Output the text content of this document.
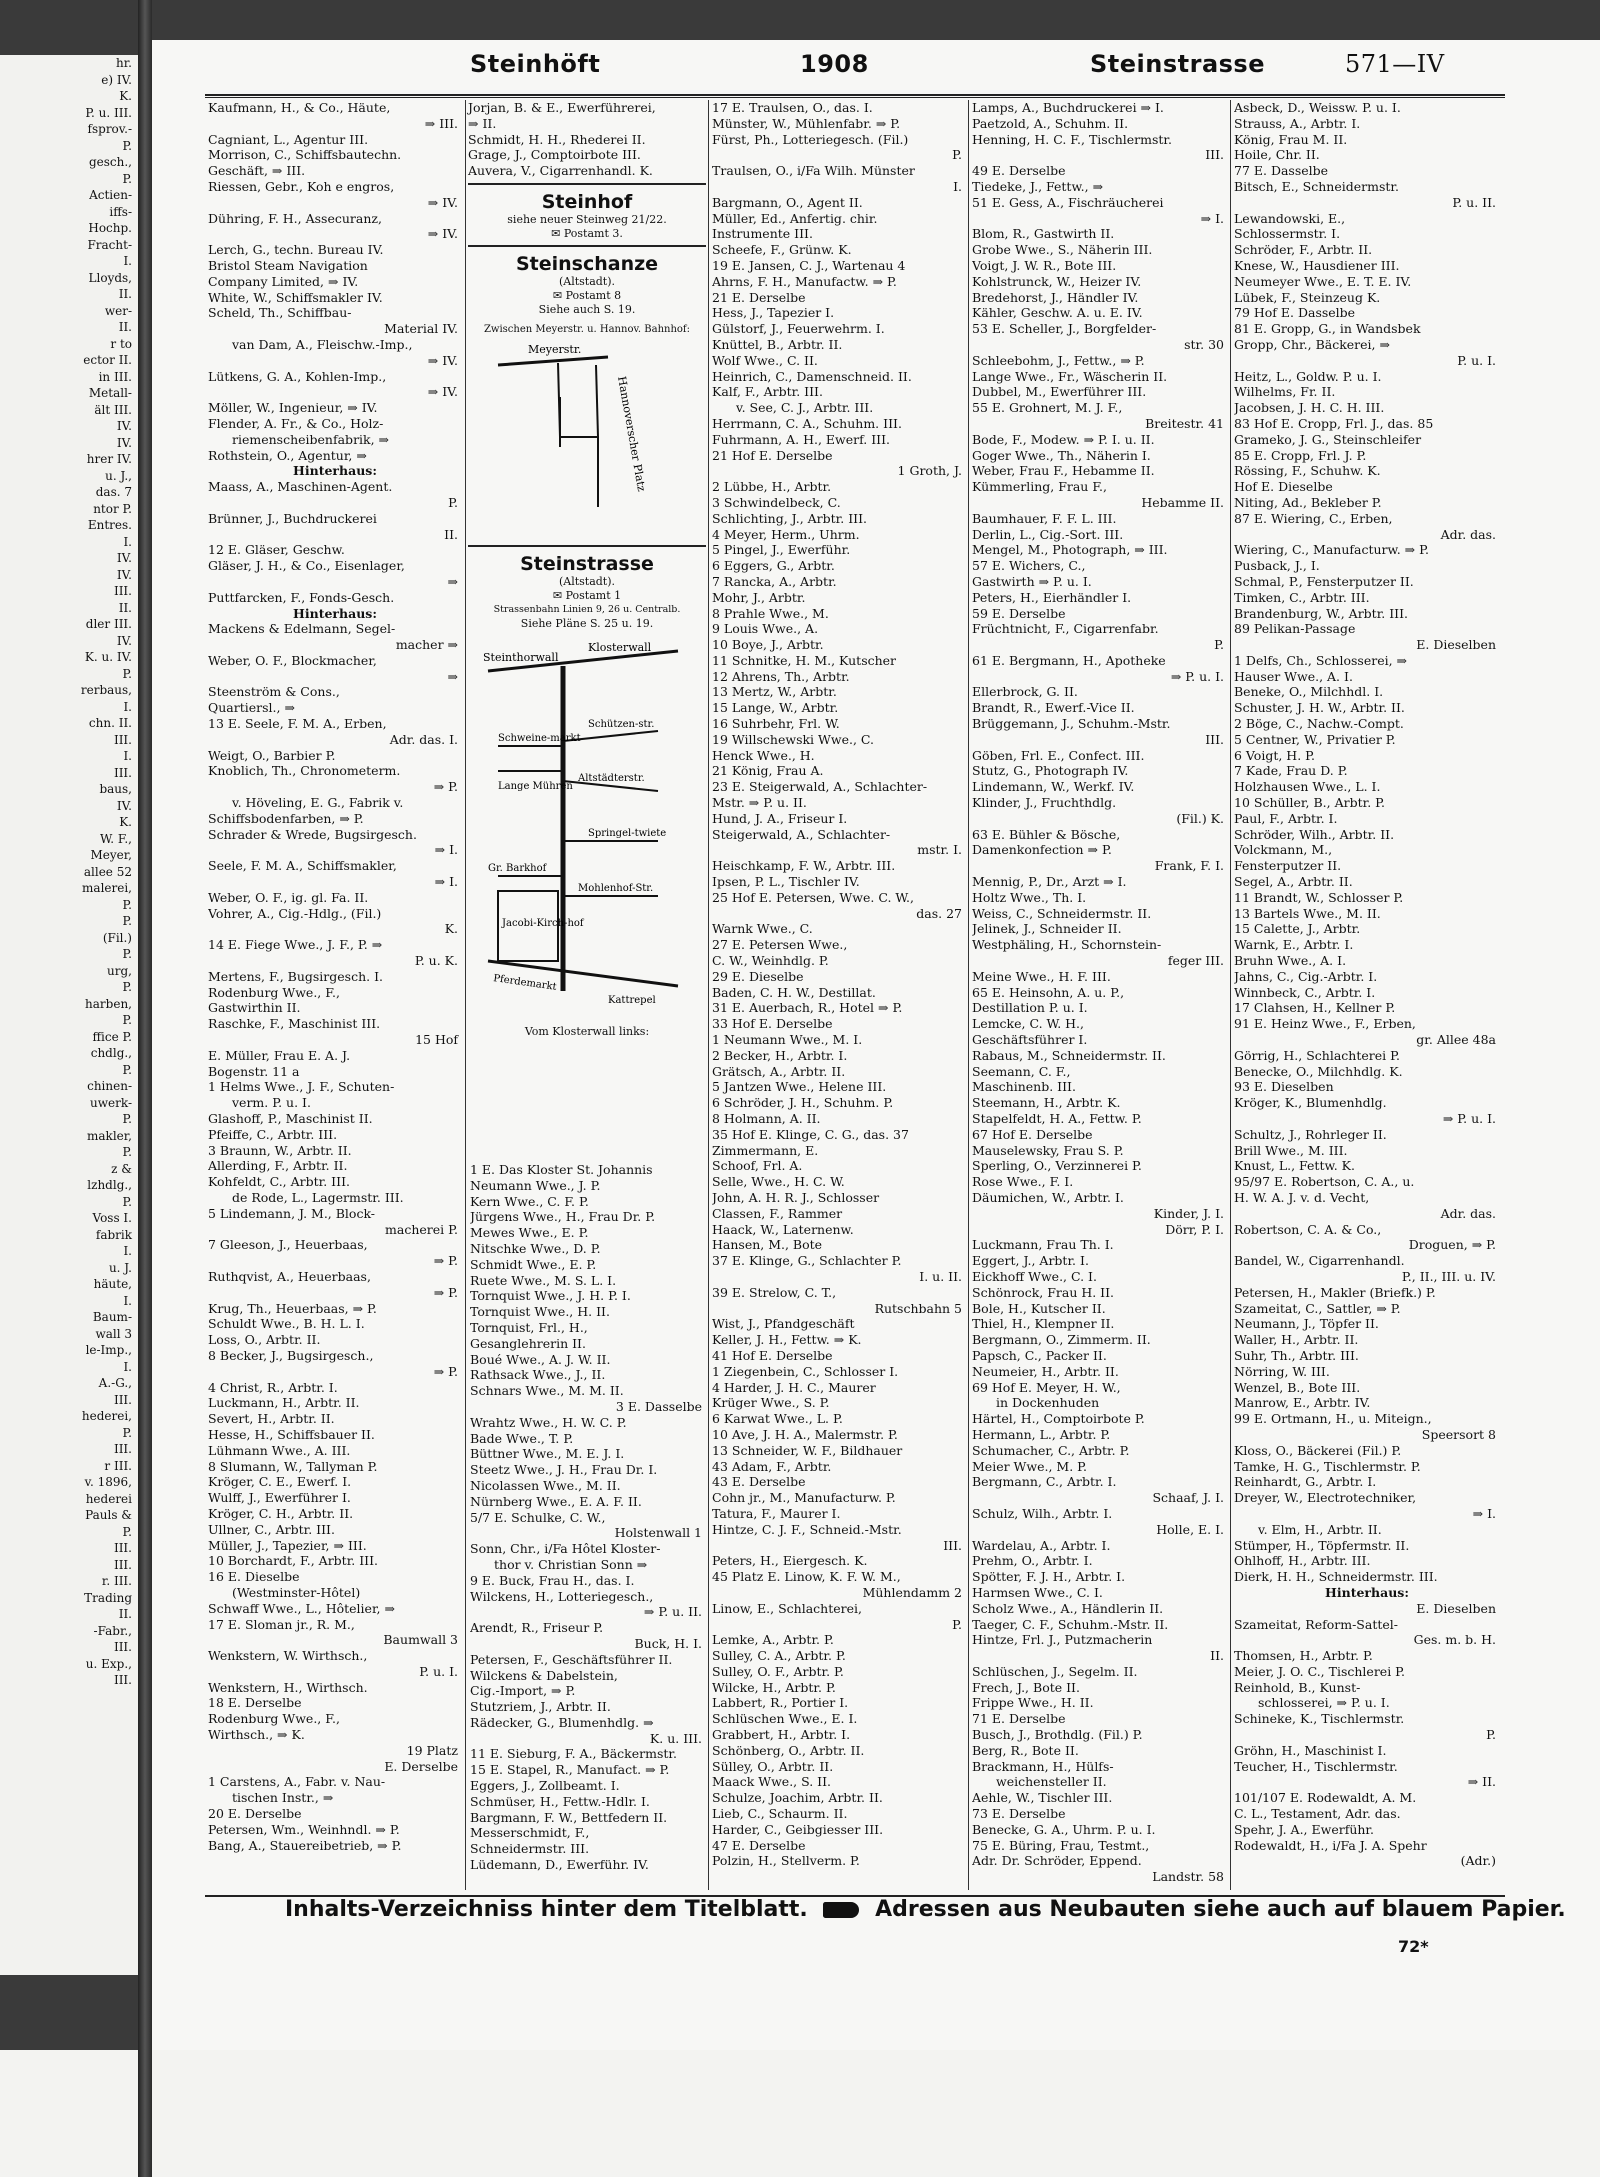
hr.
e) IV.
K.
P. u. III.
fsprov.-
P.
gesch.,
P.
Actien-
iffs-
Hochp.
Fracht-
I.
Lloyds,
II.
wer-
II.
r to
ector II.
in III.
Metall-
ält III.
IV.
IV.
hrer IV.
u. J.,
das. 7
ntor P.
Entres.
I.
IV.
IV.
III.
II.
dler III.
IV.
K. u. IV.
P.
rerbaus,
I.
chn. II.
III.
I.
III.
baus,
IV.
K.
W. F.,
Meyer,
allee 52
malerei,
P.
P.
(Fil.)
P.
urg,
P.
harben,
P.
ffice P.
chdlg.,
P.
chinen-
uwerk-
P.
makler,
P.
z &
lzhdlg.,
P.
Voss I.
fabrik
I.
u. J.
häute,
I.
Baum-
wall 3
le-Imp.,
I.
A.-G.,
III.
hederei,
P.
III.
r III.
v. 1896,
hederei
Pauls &
P.
III.
III.
r. III.
Trading
II.
-Fabr.,
III.
u. Exp.,
III.
Steinhöft	1908	Steinstrasse	571—IV
Kaufmann, H., & Co., Häute,
⇒ III.
Cagniant, L., Agentur III.
Morrison, C., Schiffsbautechn.
Geschäft, ⇒ III.
Riessen, Gebr., Koh e engros,
⇒ IV.
Dühring, F. H., Assecuranz,
⇒ IV.
Lerch, G., techn. Bureau IV.
Bristol Steam Navigation
Company Limited, ⇒ IV.
White, W., Schiffsmakler IV.
Scheld, Th., Schiffbau-
Material IV.
van Dam, A., Fleischw.-Imp.,
⇒ IV.
Lütkens, G. A., Kohlen-Imp.,
⇒ IV.
Möller, W., Ingenieur, ⇒ IV.
Flender, A. Fr., & Co., Holz-
riemenscheibenfabrik, ⇒
Rothstein, O., Agentur, ⇒
Hinterhaus:
Maass, A., Maschinen-Agent.
P.
Brünner, J., Buchdruckerei
II.
12 E. Gläser, Geschw.
Gläser, J. H., & Co., Eisenlager,
⇒
Puttfarcken, F., Fonds-Gesch.
Hinterhaus:
Mackens & Edelmann, Segel-
macher ⇒
Weber, O. F., Blockmacher,
⇒
Steenström & Cons.,
Quartiersl., ⇒
13 E. Seele, F. M. A., Erben,
Adr. das. I.
Weigt, O., Barbier P.
Knoblich, Th., Chronometerm.
⇒ P.
v. Höveling, E. G., Fabrik v.
Schiffsbodenfarben, ⇒ P.
Schrader & Wrede, Bugsirgesch.
⇒ I.
Seele, F. M. A., Schiffsmakler,
⇒ I.
Weber, O. F., ig. gl. Fa. II.
Vohrer, A., Cig.-Hdlg., (Fil.)
K.
14 E. Fiege Wwe., J. F., P. ⇒
P. u. K.
Mertens, F., Bugsirgesch. I.
Rodenburg Wwe., F.,
Gastwirthin II.
Raschke, F., Maschinist III.
15 Hof
E. Müller, Frau E. A. J.
Bogenstr. 11 a
1 Helms Wwe., J. F., Schuten-
verm. P. u. I.
Glashoff, P., Maschinist II.
Pfeiffe, C., Arbtr. III.
3 Braunn, W., Arbtr. II.
Allerding, F., Arbtr. II.
Kohfeldt, C., Arbtr. III.
de Rode, L., Lagermstr. III.
5 Lindemann, J. M., Block-
macherei P.
7 Gleeson, J., Heuerbaas,
⇒ P.
Ruthqvist, A., Heuerbaas,
⇒ P.
Krug, Th., Heuerbaas, ⇒ P.
Schuldt Wwe., B. H. L. I.
Loss, O., Arbtr. II.
8 Becker, J., Bugsirgesch.,
⇒ P.
4 Christ, R., Arbtr. I.
Luckmann, H., Arbtr. II.
Severt, H., Arbtr. II.
Hesse, H., Schiffsbauer II.
Lühmann Wwe., A. III.
8 Slumann, W., Tallyman P.
Kröger, C. E., Ewerf. I.
Wulff, J., Ewerführer I.
Kröger, C. H., Arbtr. II.
Ullner, C., Arbtr. III.
Müller, J., Tapezier, ⇒ III.
10 Borchardt, F., Arbtr. III.
16 E. Dieselbe
(Westminster-Hôtel)
Schwaff Wwe., L., Hôtelier, ⇒
17 E. Sloman jr., R. M.,
Baumwall 3
Wenkstern, W. Wirthsch.,
P. u. I.
Wenkstern, H., Wirthsch.
18 E. Derselbe
Rodenburg Wwe., F.,
Wirthsch., ⇒ K.
19 Platz
E. Derselbe
1 Carstens, A., Fabr. v. Nau-
tischen Instr., ⇒
20 E. Derselbe
Petersen, Wm., Weinhndl. ⇒ P.
Bang, A., Stauereibetrieb, ⇒ P.
Jorjan, B. & E., Ewerführerei,
⇒ II.
Schmidt, H. H., Rhederei II.
Grage, J., Comptoirbote III.
Auvera, V., Cigarrenhandl. K.
Steinhof
siehe neuer Steinweg 21/22.
✉ Postamt 3.
Steinschanze
(Altstadt).
✉ Postamt 8
Siehe auch S. 19.
Zwischen Meyerstr. u. Hannov. Bahnhof:
Meyerstr.
Hannoverscher Platz
Steinstrasse
(Altstadt).
✉ Postamt 1
Strassenbahn Linien 9, 26 u. Centralb.
Siehe Pläne S. 25 u. 19.
Steinthorwall
Klosterwall
Schweine-markt
Schützen-str.
Lange Mühren
Altstädterstr.
Springel-twiete
Gr. Barkhof
Mohlenhof-Str.
Jacobi-Kirch-hof
Pferdemarkt
Kattrepel
Vom Klosterwall links:
1 E. Das Kloster St. Johannis
Neumann Wwe., J. P.
Kern Wwe., C. F. P.
Jürgens Wwe., H., Frau Dr. P.
Mewes Wwe., E. P.
Nitschke Wwe., D. P.
Schmidt Wwe., E. P.
Ruete Wwe., M. S. L. I.
Tornquist Wwe., J. H. P. I.
Tornquist Wwe., H. II.
Tornquist, Frl., H.,
Gesanglehrerin II.
Boué Wwe., A. J. W. II.
Rathsack Wwe., J., II.
Schnars Wwe., M. M. II.
3 E. Dasselbe
Wrahtz Wwe., H. W. C. P.
Bade Wwe., T. P.
Büttner Wwe., M. E. J. I.
Steetz Wwe., J. H., Frau Dr. I.
Nicolassen Wwe., M. II.
Nürnberg Wwe., E. A. F. II.
5/7 E. Schulke, C. W.,
Holstenwall 1
Sonn, Chr., i/Fa Hôtel Kloster-
thor v. Christian Sonn ⇒
9 E. Buck, Frau H., das. I.
Wilckens, H., Lotteriegesch.,
⇒ P. u. II.
Arendt, R., Friseur P.
Buck, H. I.
Petersen, F., Geschäftsführer II.
Wilckens & Dabelstein,
Cig.-Import, ⇒ P.
Stutzriem, J., Arbtr. II.
Rädecker, G., Blumenhdlg. ⇒
K. u. III.
11 E. Sieburg, F. A., Bäckermstr.
15 E. Stapel, R., Manufact. ⇒ P.
Eggers, J., Zollbeamt. I.
Schmüser, H., Fettw.-Hdlr. I.
Bargmann, F. W., Bettfedern II.
Messerschmidt, F.,
Schneidermstr. III.
Lüdemann, D., Ewerführ. IV.
17 E. Traulsen, O., das. I.
Münster, W., Mühlenfabr. ⇒ P.
Fürst, Ph., Lotteriegesch. (Fil.)
P.
Traulsen, O., i/Fa Wilh. Münster
I.
Bargmann, O., Agent II.
Müller, Ed., Anfertig. chir.
Instrumente III.
Scheefe, F., Grünw. K.
19 E. Jansen, C. J., Wartenau 4
Ahrns, F. H., Manufactw. ⇒ P.
21 E. Derselbe
Hess, J., Tapezier I.
Gülstorf, J., Feuerwehrm. I.
Knüttel, B., Arbtr. II.
Wolf Wwe., C. II.
Heinrich, C., Damenschneid. II.
Kalf, F., Arbtr. III.
v. See, C. J., Arbtr. III.
Herrmann, C. A., Schuhm. III.
Fuhrmann, A. H., Ewerf. III.
21 Hof E. Derselbe
1 Groth, J.
2 Lübbe, H., Arbtr.
3 Schwindelbeck, C.
Schlichting, J., Arbtr. III.
4 Meyer, Herm., Uhrm.
5 Pingel, J., Ewerführ.
6 Eggers, G., Arbtr.
7 Rancka, A., Arbtr.
Mohr, J., Arbtr.
8 Prahle Wwe., M.
9 Louis Wwe., A.
10 Boye, J., Arbtr.
11 Schnitke, H. M., Kutscher
12 Ahrens, Th., Arbtr.
13 Mertz, W., Arbtr.
15 Lange, W., Arbtr.
16 Suhrbehr, Frl. W.
19 Willschewski Wwe., C.
Henck Wwe., H.
21 König, Frau A.
23 E. Steigerwald, A., Schlachter-
Mstr. ⇒ P. u. II.
Hund, J. A., Friseur I.
Steigerwald, A., Schlachter-
mstr. I.
Heischkamp, F. W., Arbtr. III.
Ipsen, P. L., Tischler IV.
25 Hof E. Petersen, Wwe. C. W.,
das. 27
Warnk Wwe., C.
27 E. Petersen Wwe.,
C. W., Weinhdlg. P.
29 E. Dieselbe
Baden, C. H. W., Destillat.
31 E. Auerbach, R., Hotel ⇒ P.
33 Hof E. Derselbe
1 Neumann Wwe., M. I.
2 Becker, H., Arbtr. I.
Grätsch, A., Arbtr. II.
5 Jantzen Wwe., Helene III.
6 Schröder, J. H., Schuhm. P.
8 Holmann, A. II.
35 Hof E. Klinge, C. G., das. 37
Zimmermann, E.
Schoof, Frl. A.
Selle, Wwe., H. C. W.
John, A. H. R. J., Schlosser
Classen, F., Rammer
Haack, W., Laternenw.
Hansen, M., Bote
37 E. Klinge, G., Schlachter P.
I. u. II.
39 E. Strelow, C. T.,
Rutschbahn 5
Wist, J., Pfandgeschäft
Keller, J. H., Fettw. ⇒ K.
41 Hof E. Derselbe
1 Ziegenbein, C., Schlosser I.
4 Harder, J. H. C., Maurer
Krüger Wwe., S. P.
6 Karwat Wwe., L. P.
10 Ave, J. H. A., Malermstr. P.
13 Schneider, W. F., Bildhauer
43 Adam, F., Arbtr.
43 E. Derselbe
Cohn jr., M., Manufacturw. P.
Tatura, F., Maurer I.
Hintze, C. J. F., Schneid.-Mstr.
III.
Peters, H., Eiergesch. K.
45 Platz E. Linow, K. F. W. M.,
Mühlendamm 2
Linow, E., Schlachterei,
P.
Lemke, A., Arbtr. P.
Sulley, C. A., Arbtr. P.
Sulley, O. F., Arbtr. P.
Wilcke, H., Arbtr. P.
Labbert, R., Portier I.
Schlüschen Wwe., E. I.
Grabbert, H., Arbtr. I.
Schönberg, O., Arbtr. II.
Sülley, O., Arbtr. II.
Maack Wwe., S. II.
Schulze, Joachim, Arbtr. II.
Lieb, C., Schaurm. II.
Harder, C., Geibgiesser III.
47 E. Derselbe
Polzin, H., Stellverm. P.
Lamps, A., Buchdruckerei ⇒ I.
Paetzold, A., Schuhm. II.
Henning, H. C. F., Tischlermstr.
III.
49 E. Derselbe
Tiedeke, J., Fettw., ⇒
51 E. Gess, A., Fischräucherei
⇒ I.
Blom, R., Gastwirth II.
Grobe Wwe., S., Näherin III.
Voigt, J. W. R., Bote III.
Kohlstrunck, W., Heizer IV.
Bredehorst, J., Händler IV.
Kähler, Geschw. A. u. E. IV.
53 E. Scheller, J., Borgfelder-
str. 30
Schleebohm, J., Fettw., ⇒ P.
Lange Wwe., Fr., Wäscherin II.
Dubbel, M., Ewerführer III.
55 E. Grohnert, M. J. F.,
Breitestr. 41
Bode, F., Modew. ⇒ P. I. u. II.
Goger Wwe., Th., Näherin I.
Weber, Frau F., Hebamme II.
Kümmerling, Frau F.,
Hebamme II.
Baumhauer, F. F. L. III.
Derlin, L., Cig.-Sort. III.
Mengel, M., Photograph, ⇒ III.
57 E. Wichers, C.,
Gastwirth ⇒ P. u. I.
Peters, H., Eierhändler I.
59 E. Derselbe
Früchtnicht, F., Cigarrenfabr.
P.
61 E. Bergmann, H., Apotheke
⇒ P. u. I.
Ellerbrock, G. II.
Brandt, R., Ewerf.-Vice II.
Brüggemann, J., Schuhm.-Mstr.
III.
Göben, Frl. E., Confect. III.
Stutz, G., Photograph IV.
Lindemann, W., Werkf. IV.
Klinder, J., Fruchthdlg.
(Fil.) K.
63 E. Bühler & Bösche,
Damenkonfection ⇒ P.
Frank, F. I.
Mennig, P., Dr., Arzt ⇒ I.
Holtz Wwe., Th. I.
Weiss, C., Schneidermstr. II.
Jelinek, J., Schneider II.
Westphäling, H., Schornstein-
feger III.
Meine Wwe., H. F. III.
65 E. Heinsohn, A. u. P.,
Destillation P. u. I.
Lemcke, C. W. H.,
Geschäftsführer I.
Rabaus, M., Schneidermstr. II.
Seemann, C. F.,
Maschinenb. III.
Steemann, H., Arbtr. K.
Stapelfeldt, H. A., Fettw. P.
67 Hof E. Derselbe
Mauselewsky, Frau S. P.
Sperling, O., Verzinnerei P.
Rose Wwe., F. I.
Däumichen, W., Arbtr. I.
Kinder, J. I.
Dörr, P. I.
Luckmann, Frau Th. I.
Eggert, J., Arbtr. I.
Eickhoff Wwe., C. I.
Schönrock, Frau H. II.
Bole, H., Kutscher II.
Thiel, H., Klempner II.
Bergmann, O., Zimmerm. II.
Papsch, C., Packer II.
Neumeier, H., Arbtr. II.
69 Hof E. Meyer, H. W.,
in Dockenhuden
Härtel, H., Comptoirbote P.
Hermann, L., Arbtr. P.
Schumacher, C., Arbtr. P.
Meier Wwe., M. P.
Bergmann, C., Arbtr. I.
Schaaf, J. I.
Schulz, Wilh., Arbtr. I.
Holle, E. I.
Wardelau, A., Arbtr. I.
Prehm, O., Arbtr. I.
Spötter, F. J. H., Arbtr. I.
Harmsen Wwe., C. I.
Scholz Wwe., A., Händlerin II.
Taeger, C. F., Schuhm.-Mstr. II.
Hintze, Frl. J., Putzmacherin
II.
Schlüschen, J., Segelm. II.
Frech, J., Bote II.
Frippe Wwe., H. II.
71 E. Derselbe
Busch, J., Brothdlg. (Fil.) P.
Berg, R., Bote II.
Brackmann, H., Hülfs-
weichensteller II.
Aehle, W., Tischler III.
73 E. Derselbe
Benecke, G. A., Uhrm. P. u. I.
75 E. Büring, Frau, Testmt.,
Adr. Dr. Schröder, Eppend.
Landstr. 58
Asbeck, D., Weissw. P. u. I.
Strauss, A., Arbtr. I.
König, Frau M. II.
Hoile, Chr. II.
77 E. Dasselbe
Bitsch, E., Schneidermstr.
P. u. II.
Lewandowski, E.,
Schlossermstr. I.
Schröder, F., Arbtr. II.
Knese, W., Hausdiener III.
Neumeyer Wwe., E. T. E. IV.
Lübek, F., Steinzeug K.
79 Hof E. Dasselbe
81 E. Gropp, G., in Wandsbek
Gropp, Chr., Bäckerei, ⇒
P. u. I.
Heitz, L., Goldw. P. u. I.
Wilhelms, Fr. II.
Jacobsen, J. H. C. H. III.
83 Hof E. Cropp, Frl. J., das. 85
Grameko, J. G., Steinschleifer
85 E. Cropp, Frl. J. P.
Rössing, F., Schuhw. K.
Hof E. Dieselbe
Niting, Ad., Bekleber P.
87 E. Wiering, C., Erben,
Adr. das.
Wiering, C., Manufacturw. ⇒ P.
Pusback, J., I.
Schmal, P., Fensterputzer II.
Timken, C., Arbtr. III.
Brandenburg, W., Arbtr. III.
89 Pelikan-Passage
E. Dieselben
1 Delfs, Ch., Schlosserei, ⇒
Hauser Wwe., A. I.
Beneke, O., Milchhdl. I.
Schuster, J. H. W., Arbtr. II.
2 Böge, C., Nachw.-Compt.
5 Centner, W., Privatier P.
6 Voigt, H. P.
7 Kade, Frau D. P.
Holzhausen Wwe., L. I.
10 Schüller, B., Arbtr. P.
Paul, F., Arbtr. I.
Schröder, Wilh., Arbtr. II.
Volckmann, M.,
Fensterputzer II.
Segel, A., Arbtr. II.
11 Brandt, W., Schlosser P.
13 Bartels Wwe., M. II.
15 Calette, J., Arbtr.
Warnk, E., Arbtr. I.
Bruhn Wwe., A. I.
Jahns, C., Cig.-Arbtr. I.
Winnbeck, C., Arbtr. I.
17 Clahsen, H., Kellner P.
91 E. Heinz Wwe., F., Erben,
gr. Allee 48a
Görrig, H., Schlachterei P.
Benecke, O., Milchhdlg. K.
93 E. Dieselben
Kröger, K., Blumenhdlg.
⇒ P. u. I.
Schultz, J., Rohrleger II.
Brill Wwe., M. III.
Knust, L., Fettw. K.
95/97 E. Robertson, C. A., u.
H. W. A. J. v. d. Vecht,
Adr. das.
Robertson, C. A. & Co.,
Droguen, ⇒ P.
Bandel, W., Cigarrenhandl.
P., II., III. u. IV.
Petersen, H., Makler (Briefk.) P.
Szameitat, C., Sattler, ⇒ P.
Neumann, J., Töpfer II.
Waller, H., Arbtr. II.
Suhr, Th., Arbtr. III.
Nörring, W. III.
Wenzel, B., Bote III.
Manrow, E., Arbtr. IV.
99 E. Ortmann, H., u. Miteign.,
Speersort 8
Kloss, O., Bäckerei (Fil.) P.
Tamke, H. G., Tischlermstr. P.
Reinhardt, G., Arbtr. I.
Dreyer, W., Electrotechniker,
⇒ I.
v. Elm, H., Arbtr. II.
Stümper, H., Töpfermstr. II.
Ohlhoff, H., Arbtr. III.
Dierk, H. H., Schneidermstr. III.
Hinterhaus:
E. Dieselben
Szameitat, Reform-Sattel-
Ges. m. b. H.
Thomsen, H., Arbtr. P.
Meier, J. O. C., Tischlerei P.
Reinhold, B., Kunst-
schlosserei, ⇒ P. u. I.
Schineke, K., Tischlermstr.
P.
Gröhn, H., Maschinist I.
Teucher, H., Tischlermstr.
⇒ II.
101/107 E. Rodewaldt, A. M.
C. L., Testament, Adr. das.
Spehr, J. A., Ewerführ.
Rodewaldt, H., i/Fa J. A. Spehr
(Adr.)
Inhalts-Verzeichniss hinter dem Titelblatt.	Adressen aus Neubauten siehe auch auf blauem Papier.
72*
